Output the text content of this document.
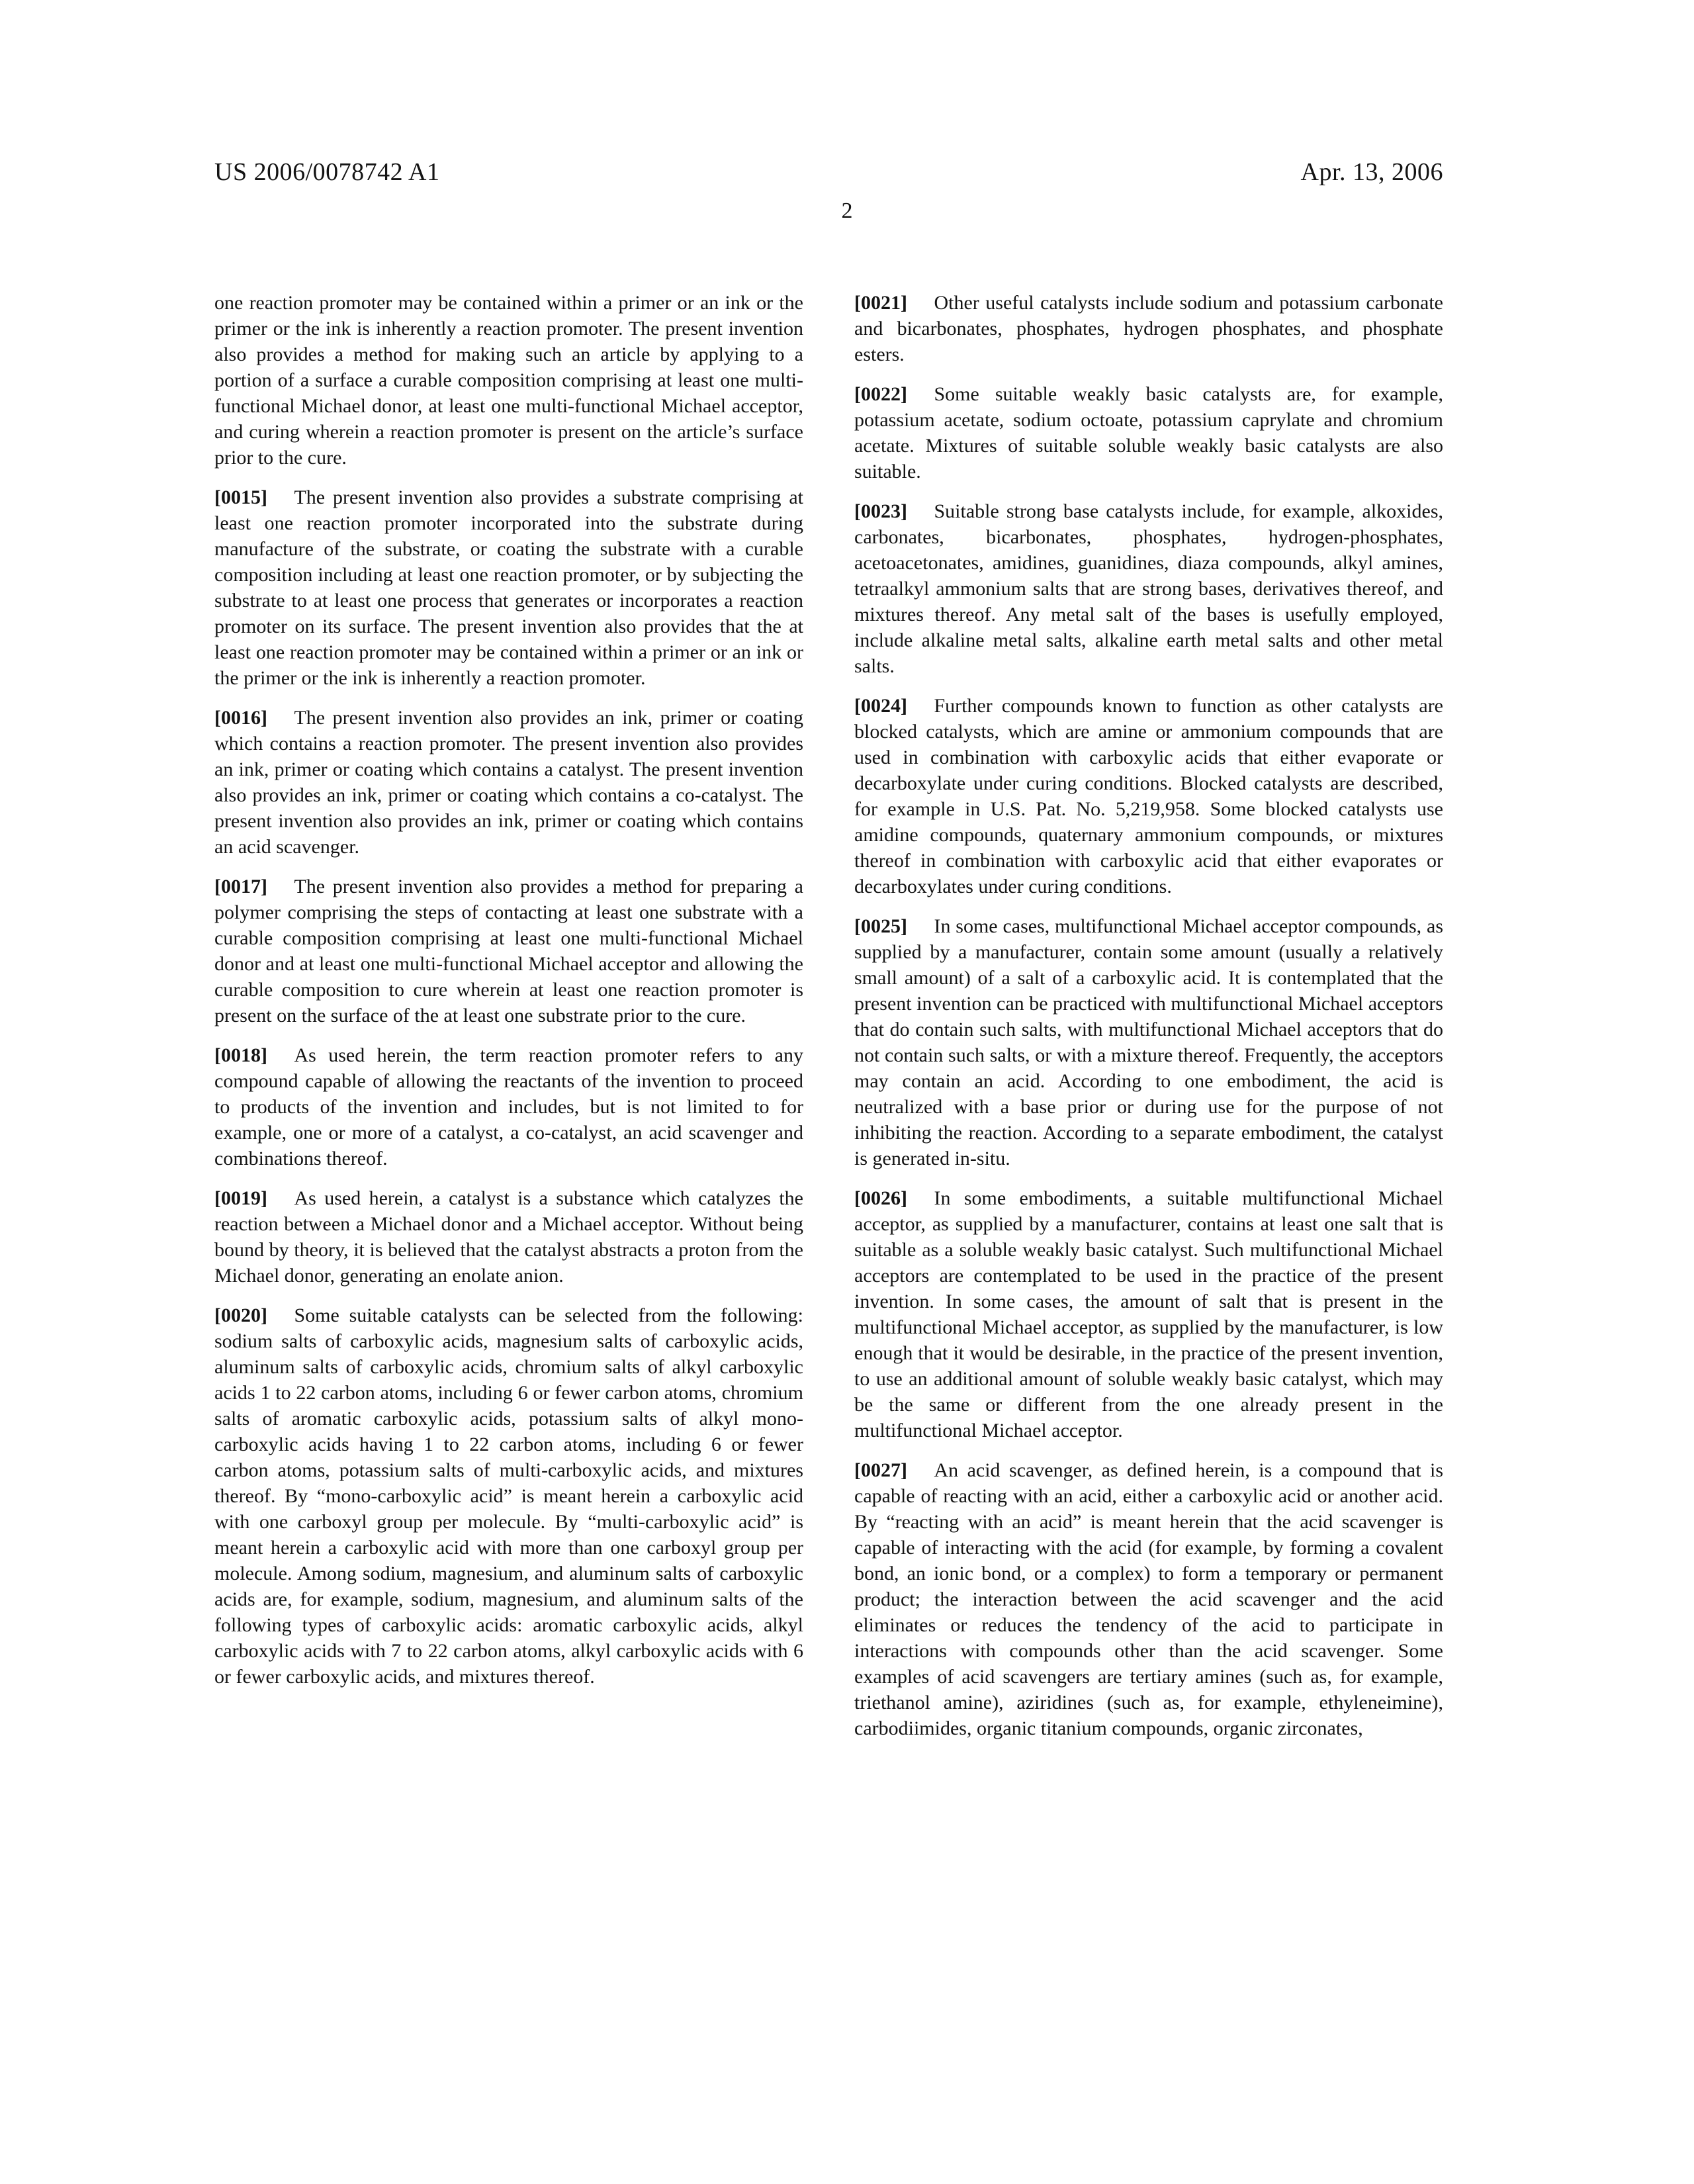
US 2006/0078742 A1	Apr. 13, 2006
2

one reaction promoter may be contained within a primer or an ink or the primer or the ink is inherently a reaction promoter. The present invention also provides a method for making such an article by applying to a portion of a surface a curable composition comprising at least one multi-functional Michael donor, at least one multi-functional Michael acceptor, and curing wherein a reaction promoter is present on the article’s surface prior to the cure.

[0015] The present invention also provides a substrate comprising at least one reaction promoter incorporated into the substrate during manufacture of the substrate, or coating the substrate with a curable composition including at least one reaction promoter, or by subjecting the substrate to at least one process that generates or incorporates a reaction promoter on its surface. The present invention also provides that the at least one reaction promoter may be contained within a primer or an ink or the primer or the ink is inherently a reaction promoter.

[0016] The present invention also provides an ink, primer or coating which contains a reaction promoter. The present invention also provides an ink, primer or coating which contains a catalyst. The present invention also provides an ink, primer or coating which contains a co-catalyst. The present invention also provides an ink, primer or coating which contains an acid scavenger.

[0017] The present invention also provides a method for preparing a polymer comprising the steps of contacting at least one substrate with a curable composition comprising at least one multi-functional Michael donor and at least one multi-functional Michael acceptor and allowing the curable composition to cure wherein at least one reaction promoter is present on the surface of the at least one substrate prior to the cure.

[0018] As used herein, the term reaction promoter refers to any compound capable of allowing the reactants of the invention to proceed to products of the invention and includes, but is not limited to for example, one or more of a catalyst, a co-catalyst, an acid scavenger and combinations thereof.

[0019] As used herein, a catalyst is a substance which catalyzes the reaction between a Michael donor and a Michael acceptor. Without being bound by theory, it is believed that the catalyst abstracts a proton from the Michael donor, generating an enolate anion.

[0020] Some suitable catalysts can be selected from the following: sodium salts of carboxylic acids, magnesium salts of carboxylic acids, aluminum salts of carboxylic acids, chromium salts of alkyl carboxylic acids 1 to 22 carbon atoms, including 6 or fewer carbon atoms, chromium salts of aromatic carboxylic acids, potassium salts of alkyl mono-carboxylic acids having 1 to 22 carbon atoms, including 6 or fewer carbon atoms, potassium salts of multi-carboxylic acids, and mixtures thereof. By “mono-carboxylic acid” is meant herein a carboxylic acid with one carboxyl group per molecule. By “multi-carboxylic acid” is meant herein a carboxylic acid with more than one carboxyl group per molecule. Among sodium, magnesium, and aluminum salts of carboxylic acids are, for example, sodium, magnesium, and aluminum salts of the following types of carboxylic acids: aromatic carboxylic acids, alkyl carboxylic acids with 7 to 22 carbon atoms, alkyl carboxylic acids with 6 or fewer carboxylic acids, and mixtures thereof.

[0021] Other useful catalysts include sodium and potassium carbonate and bicarbonates, phosphates, hydrogen phosphates, and phosphate esters.

[0022] Some suitable weakly basic catalysts are, for example, potassium acetate, sodium octoate, potassium caprylate and chromium acetate. Mixtures of suitable soluble weakly basic catalysts are also suitable.

[0023] Suitable strong base catalysts include, for example, alkoxides, carbonates, bicarbonates, phosphates, hydrogen-phosphates, acetoacetonates, amidines, guanidines, diaza compounds, alkyl amines, tetraalkyl ammonium salts that are strong bases, derivatives thereof, and mixtures thereof. Any metal salt of the bases is usefully employed, include alkaline metal salts, alkaline earth metal salts and other metal salts.

[0024] Further compounds known to function as other catalysts are blocked catalysts, which are amine or ammonium compounds that are used in combination with carboxylic acids that either evaporate or decarboxylate under curing conditions. Blocked catalysts are described, for example in U.S. Pat. No. 5,219,958. Some blocked catalysts use amidine compounds, quaternary ammonium compounds, or mixtures thereof in combination with carboxylic acid that either evaporates or decarboxylates under curing conditions.

[0025] In some cases, multifunctional Michael acceptor compounds, as supplied by a manufacturer, contain some amount (usually a relatively small amount) of a salt of a carboxylic acid. It is contemplated that the present invention can be practiced with multifunctional Michael acceptors that do contain such salts, with multifunctional Michael acceptors that do not contain such salts, or with a mixture thereof. Frequently, the acceptors may contain an acid. According to one embodiment, the acid is neutralized with a base prior or during use for the purpose of not inhibiting the reaction. According to a separate embodiment, the catalyst is generated in-situ.

[0026] In some embodiments, a suitable multifunctional Michael acceptor, as supplied by a manufacturer, contains at least one salt that is suitable as a soluble weakly basic catalyst. Such multifunctional Michael acceptors are contemplated to be used in the practice of the present invention. In some cases, the amount of salt that is present in the multifunctional Michael acceptor, as supplied by the manufacturer, is low enough that it would be desirable, in the practice of the present invention, to use an additional amount of soluble weakly basic catalyst, which may be the same or different from the one already present in the multifunctional Michael acceptor.

[0027] An acid scavenger, as defined herein, is a compound that is capable of reacting with an acid, either a carboxylic acid or another acid. By “reacting with an acid” is meant herein that the acid scavenger is capable of interacting with the acid (for example, by forming a covalent bond, an ionic bond, or a complex) to form a temporary or permanent product; the interaction between the acid scavenger and the acid eliminates or reduces the tendency of the acid to participate in interactions with compounds other than the acid scavenger. Some examples of acid scavengers are tertiary amines (such as, for example, triethanol amine), aziridines (such as, for example, ethyleneimine), carbodiimides, organic titanium compounds, organic zirconates,
